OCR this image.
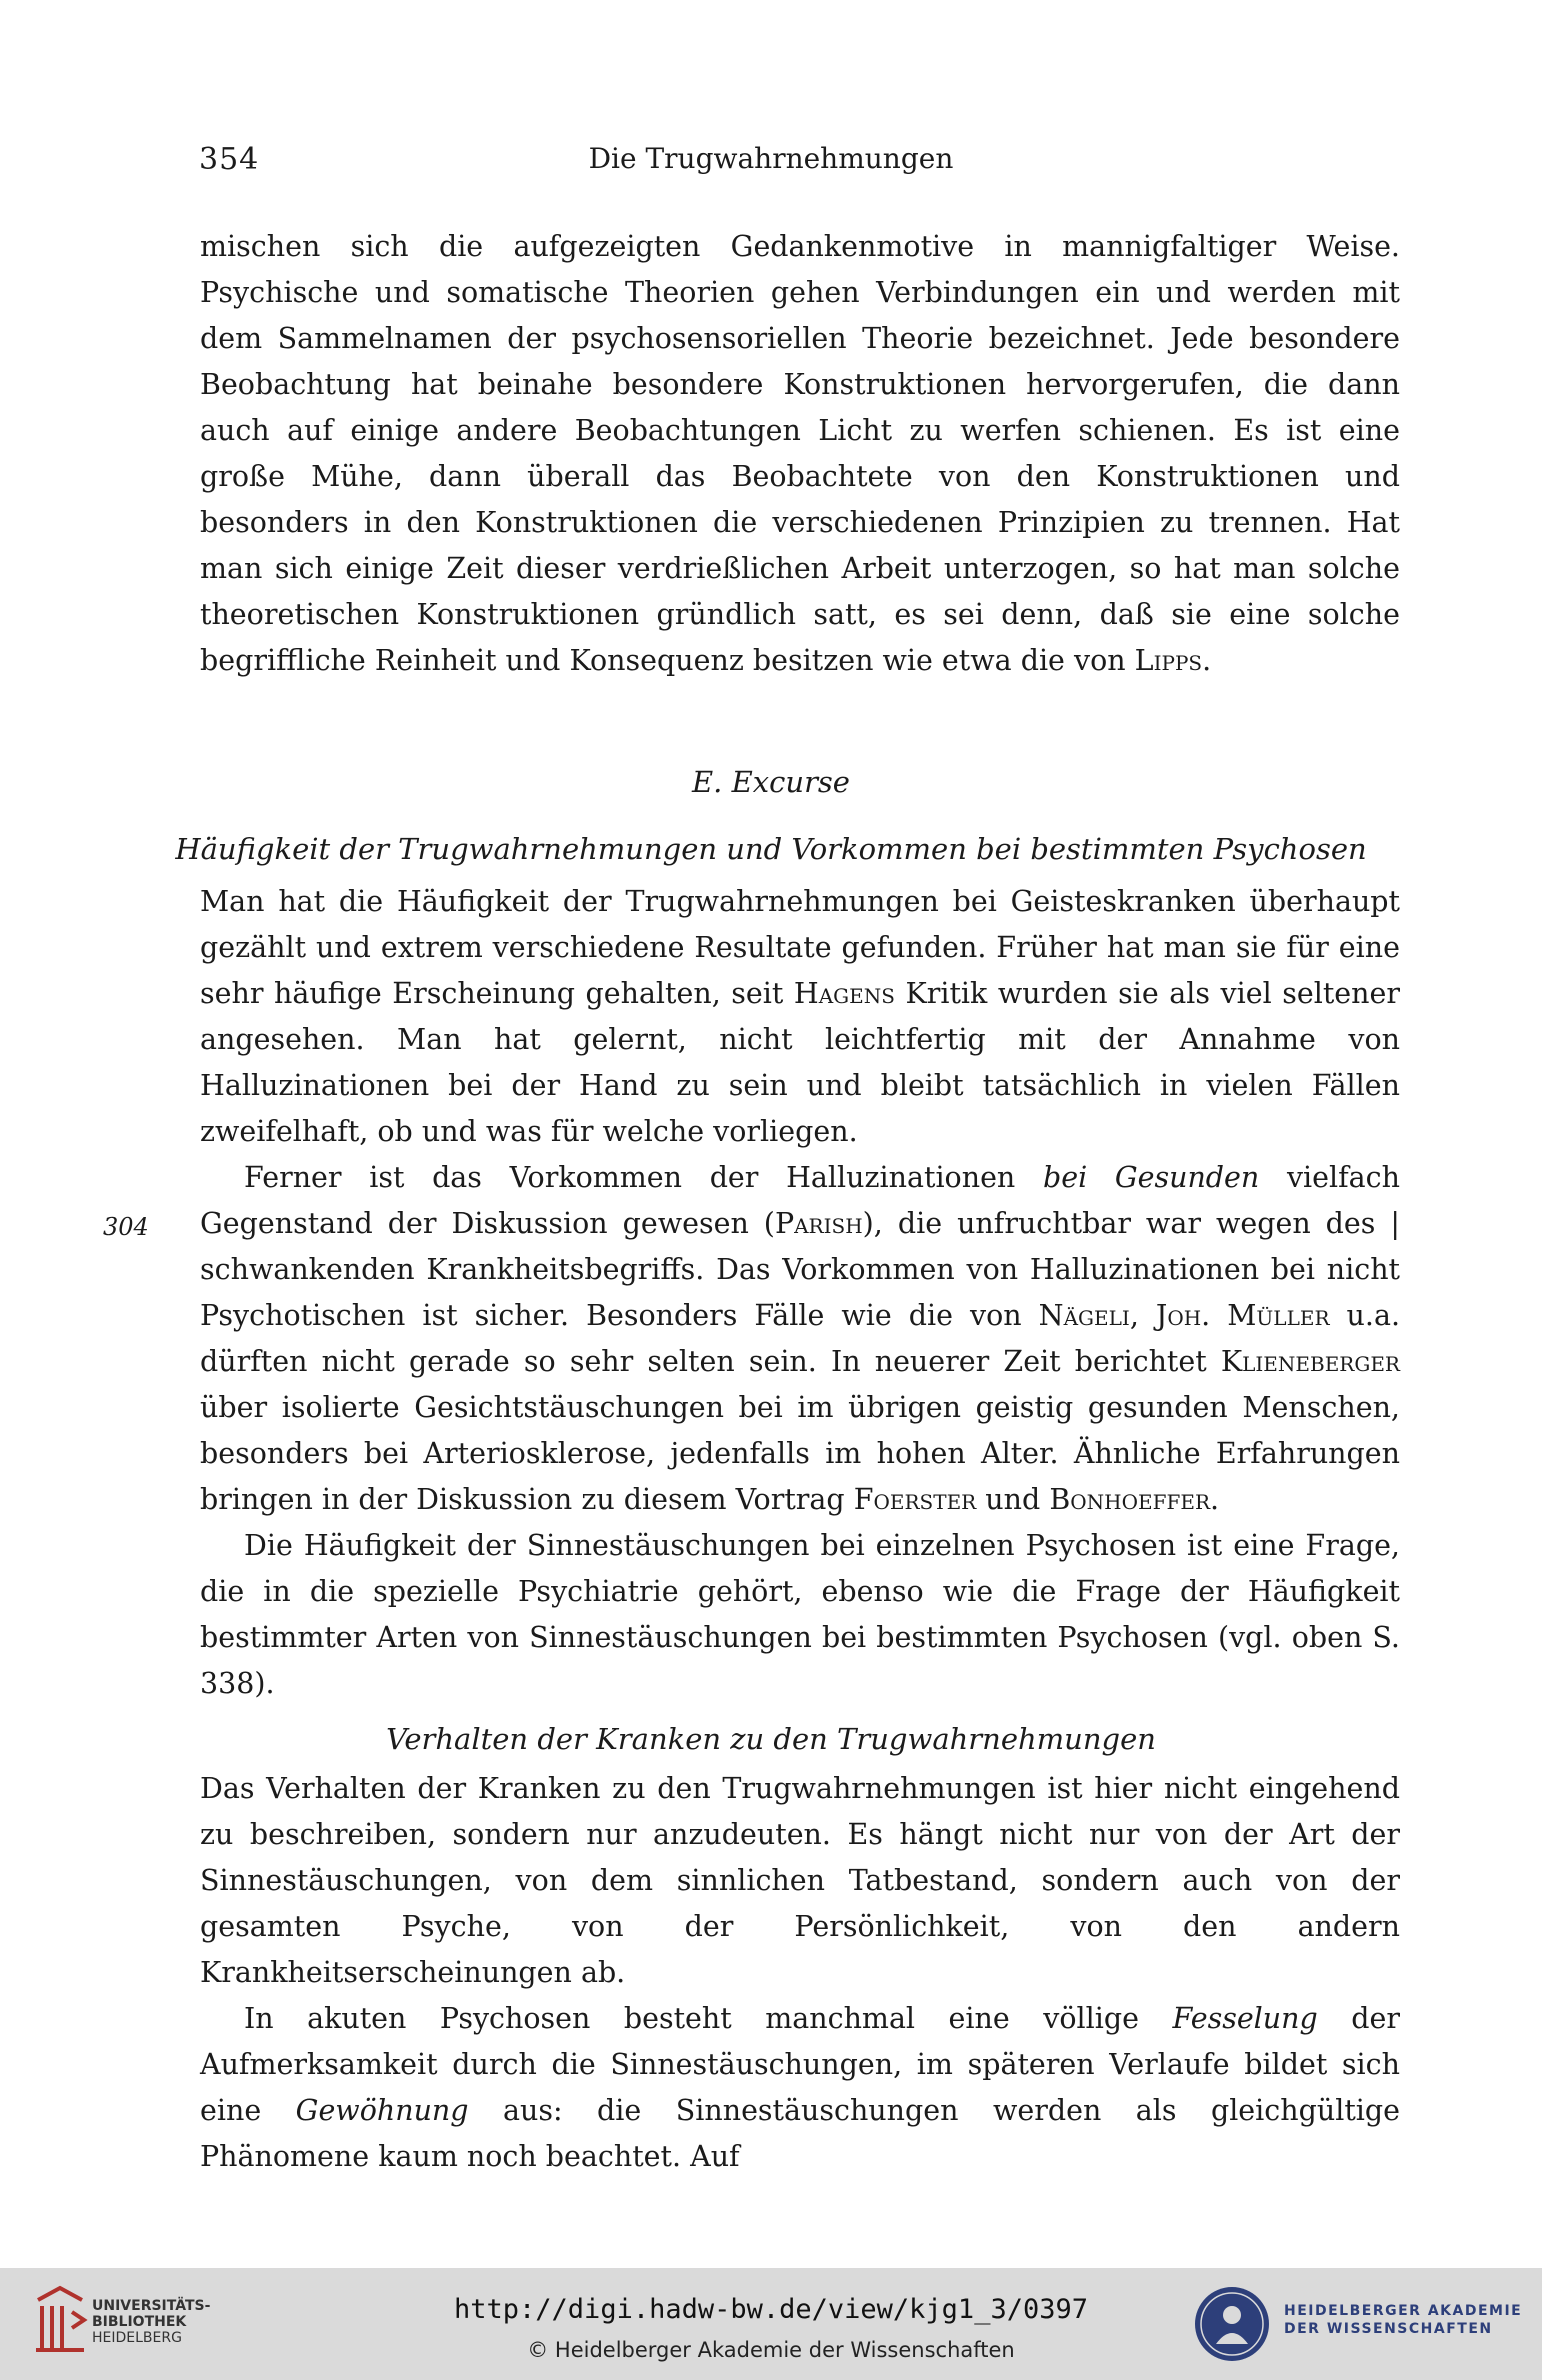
354	Die Trugwahrnehmungen

mischen sich die aufgezeigten Gedankenmotive in mannigfaltiger Weise. Psychische und somatische Theorien gehen Verbindungen ein und werden mit dem Sammelnamen der psychosensoriellen Theorie bezeichnet. Jede besondere Beobachtung hat beinahe besondere Konstruktionen hervorgerufen, die dann auch auf einige andere Beobachtungen Licht zu werfen schienen. Es ist eine große Mühe, dann überall das Beobachtete von den Konstruktionen und besonders in den Konstruktionen die verschiedenen Prinzipien zu trennen. Hat man sich einige Zeit dieser verdrießlichen Arbeit unterzogen, so hat man solche theoretischen Konstruktionen gründlich satt, es sei denn, daß sie eine solche begriffliche Reinheit und Konsequenz besitzen wie etwa die von Lipps.

E. Excurse
Häufigkeit der Trugwahrnehmungen und Vorkommen bei bestimmten Psychosen
304

Man hat die Häufigkeit der Trugwahrnehmungen bei Geisteskranken überhaupt gezählt und extrem verschiedene Resultate gefunden. Früher hat man sie für eine sehr häufige Erscheinung gehalten, seit Hagens Kritik wurden sie als viel seltener angesehen. Man hat gelernt, nicht leichtfertig mit der Annahme von Halluzinationen bei der Hand zu sein und bleibt tatsächlich in vielen Fällen zweifelhaft, ob und was für welche vorliegen.

Ferner ist das Vorkommen der Halluzinationen bei Gesunden vielfach Gegenstand der Diskussion gewesen (Parish), die unfruchtbar war wegen des | schwankenden Krankheitsbegriffs. Das Vorkommen von Halluzinationen bei nicht Psychotischen ist sicher. Besonders Fälle wie die von Nägeli, Joh. Müller u.a. dürften nicht gerade so sehr selten sein. In neuerer Zeit berichtet Klieneberger über isolierte Gesichtstäuschungen bei im übrigen geistig gesunden Menschen, besonders bei Arteriosklerose, jedenfalls im hohen Alter. Ähnliche Erfahrungen bringen in der Diskussion zu diesem Vortrag Foerster und Bonhoeffer.

Die Häufigkeit der Sinnestäuschungen bei einzelnen Psychosen ist eine Frage, die in die spezielle Psychiatrie gehört, ebenso wie die Frage der Häufigkeit bestimmter Arten von Sinnestäuschungen bei bestimmten Psychosen (vgl. oben S. 338).

Verhalten der Kranken zu den Trugwahrnehmungen

Das Verhalten der Kranken zu den Trugwahrnehmungen ist hier nicht eingehend zu beschreiben, sondern nur anzudeuten. Es hängt nicht nur von der Art der Sinnestäuschungen, von dem sinnlichen Tatbestand, sondern auch von der gesamten Psyche, von der Persönlichkeit, von den andern Krankheitserscheinungen ab.

In akuten Psychosen besteht manchmal eine völlige Fesselung der Aufmerksamkeit durch die Sinnestäuschungen, im späteren Verlaufe bildet sich eine Gewöhnung aus: die Sinnestäuschungen werden als gleichgültige Phänomene kaum noch beachtet. Auf

UNIVERSITÄTS-
BIBLIOTHEK
HEIDELBERG
http://digi.hadw-bw.de/view/kjg1_3/0397
© Heidelberger Akademie der Wissenschaften
HEIDELBERGER AKADEMIE
DER WISSENSCHAFTEN
